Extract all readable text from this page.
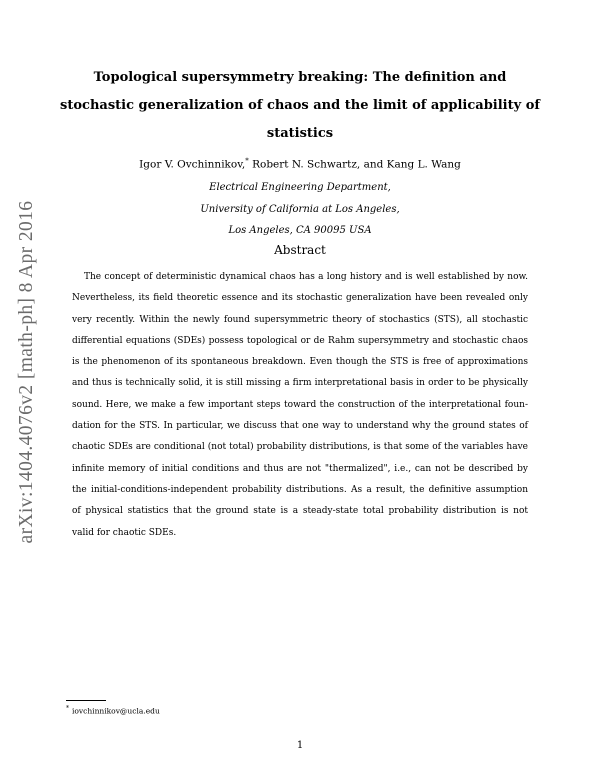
arXiv:1404.4076v2 [math-ph] 8 Apr 2016
Topological supersymmetry breaking: The definition and
stochastic generalization of chaos and the limit of applicability of
statistics
Igor V. Ovchinnikov,* Robert N. Schwartz, and Kang L. Wang
Electrical Engineering Department,
University of California at Los Angeles,
Los Angeles, CA 90095 USA
Abstract
The concept of deterministic dynamical chaos has a long history and is well established by now.
Nevertheless, its field theoretic essence and its stochastic generalization have been revealed only
very recently. Within the newly found supersymmetric theory of stochastics (STS), all stochastic
differential equations (SDEs) possess topological or de Rahm supersymmetry and stochastic chaos
is the phenomenon of its spontaneous breakdown. Even though the STS is free of approximations
and thus is technically solid, it is still missing a firm interpretational basis in order to be physically
sound. Here, we make a few important steps toward the construction of the interpretational foun-
dation for the STS. In particular, we discuss that one way to understand why the ground states of
chaotic SDEs are conditional (not total) probability distributions, is that some of the variables have
infinite memory of initial conditions and thus are not "thermalized", i.e., can not be described by
the initial-conditions-independent probability distributions. As a result, the definitive assumption
of physical statistics that the ground state is a steady-state total probability distribution is not
valid for chaotic SDEs.
* iovchinnikov@ucla.edu
1
